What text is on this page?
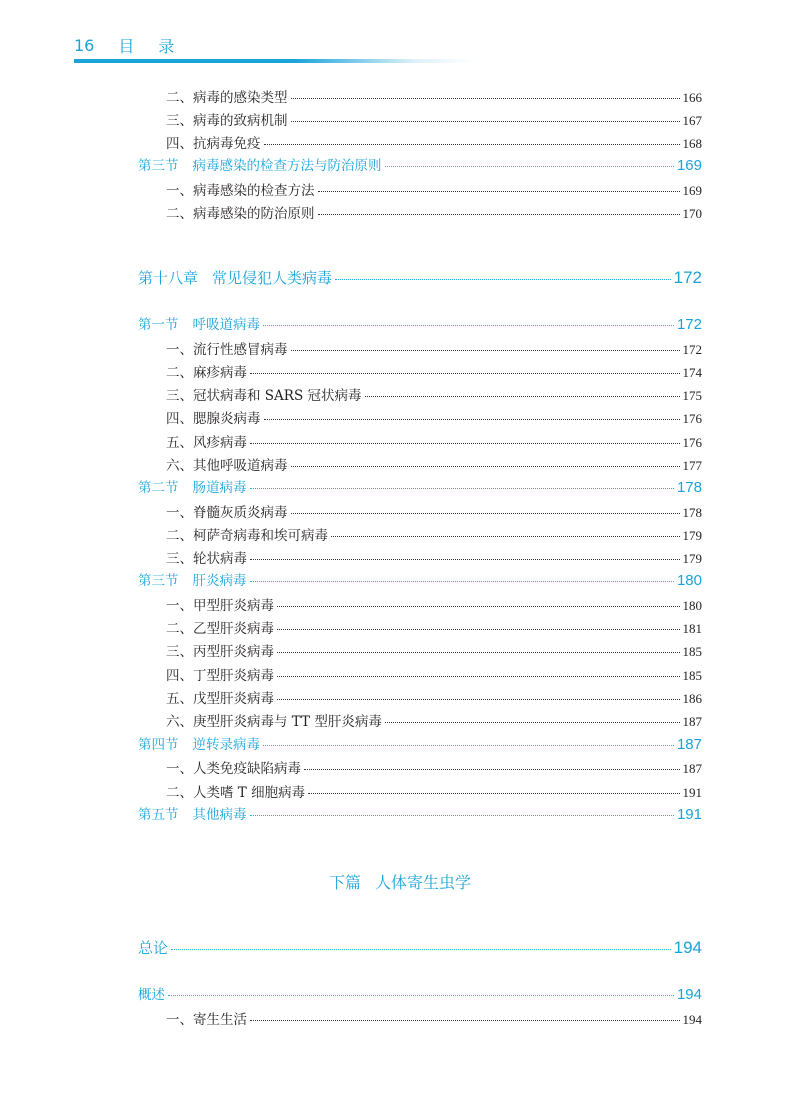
16 目 录
二、病毒的感染类型	166
三、病毒的致病机制	167
四、抗病毒免疫	168
第三节 病毒感染的检查方法与防治原则	169
一、病毒感染的检查方法	169
二、病毒感染的防治原则	170
第十八章 常见侵犯人类病毒	172
第一节 呼吸道病毒	172
一、流行性感冒病毒	172
二、麻疹病毒	174
三、冠状病毒和 SARS 冠状病毒	175
四、腮腺炎病毒	176
五、风疹病毒	176
六、其他呼吸道病毒	177
第二节 肠道病毒	178
一、脊髓灰质炎病毒	178
二、柯萨奇病毒和埃可病毒	179
三、轮状病毒	179
第三节 肝炎病毒	180
一、甲型肝炎病毒	180
二、乙型肝炎病毒	181
三、丙型肝炎病毒	185
四、丁型肝炎病毒	185
五、戊型肝炎病毒	186
六、庚型肝炎病毒与 TT 型肝炎病毒	187
第四节 逆转录病毒	187
一、人类免疫缺陷病毒	187
二、人类嗜 T 细胞病毒	191
第五节 其他病毒	191
下篇 人体寄生虫学
总论	194
概述	194
一、寄生生活	194
